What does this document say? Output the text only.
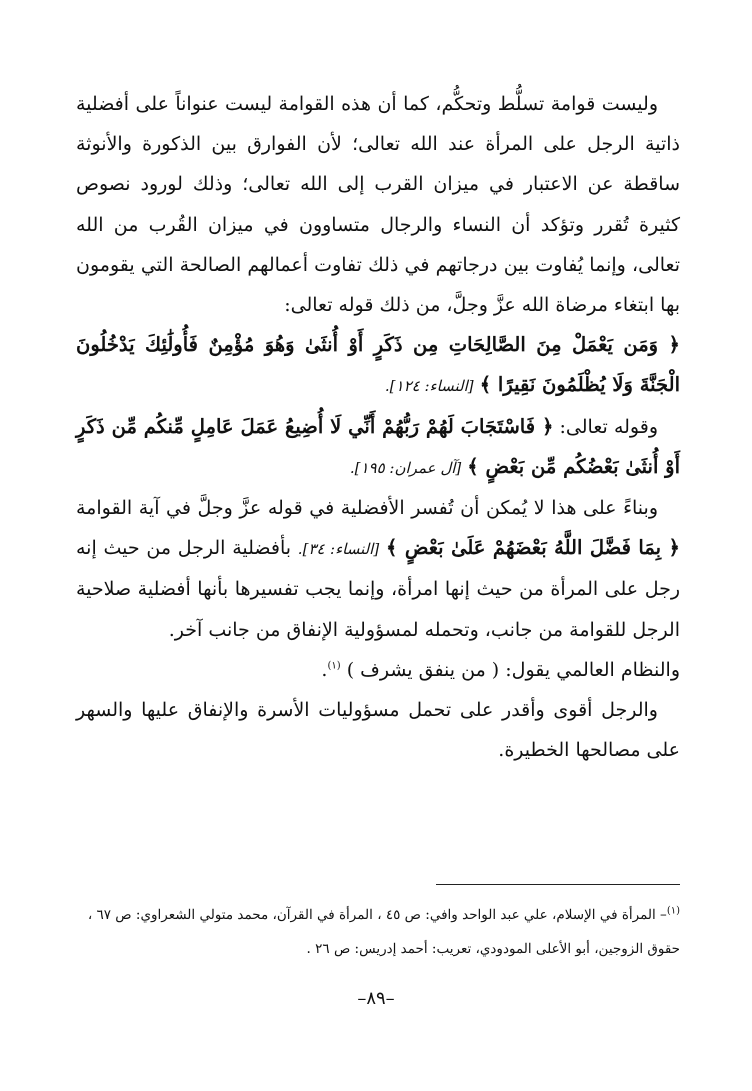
وليست قوامة تسلُّط وتحكُّم، كما أن هذه القوامة ليست عنواناً على أفضلية ذاتية الرجل على المرأة عند الله تعالى؛ لأن الفوارق بين الذكورة والأنوثة ساقطة عن الاعتبار في ميزان القرب إلى الله تعالى؛ وذلك لورود نصوص كثيرة تُقرر وتؤكد أن النساء والرجال متساوون في ميزان القُرب من الله تعالى، وإنما يُفاوت بين درجاتهم في ذلك تفاوت أعمالهم الصالحة التي يقومون بها ابتغاء مرضاة الله عزَّ وجلَّ، من ذلك قوله تعالى:

﴿ وَمَن يَعْمَلْ مِنَ الصَّالِحَاتِ مِن ذَكَرٍ أَوْ أُنثَىٰ وَهُوَ مُؤْمِنٌ فَأُولَٰئِكَ يَدْخُلُونَ الْجَنَّةَ وَلَا يُظْلَمُونَ نَقِيرًا ﴾ [النساء: ١٢٤].

وقوله تعالى: ﴿ فَاسْتَجَابَ لَهُمْ رَبُّهُمْ أَنِّي لَا أُضِيعُ عَمَلَ عَامِلٍ مِّنكُم مِّن ذَكَرٍ أَوْ أُنثَىٰ بَعْضُكُم مِّن بَعْضٍ ﴾ [آل عمران: ١٩٥].

وبناءً على هذا لا يُمكن أن تُفسر الأفضلية في قوله عزَّ وجلَّ في آية القوامة ﴿ بِمَا فَضَّلَ اللَّهُ بَعْضَهُمْ عَلَىٰ بَعْضٍ ﴾ [النساء: ٣٤]. بأفضلية الرجل من حيث إنه رجل على المرأة من حيث إنها امرأة، وإنما يجب تفسيرها بأنها أفضلية صلاحية الرجل للقوامة من جانب، وتحمله لمسؤولية الإنفاق من جانب آخر.

والنظام العالمي يقول: ( من ينفق يشرف ) $^{(١)}$.

والرجل أقوى وأقدر على تحمل مسؤوليات الأسرة والإنفاق عليها والسهر على مصالحها الخطيرة.

$^{(١)}$– المرأة في الإسلام، علي عبد الواحد وافي: ص ٤٥ ، المرأة في القرآن، محمد متولي الشعراوي: ص ٦٧ ،

حقوق الزوجين، أبو الأعلى المودودي، تعريب: أحمد إدريس: ص ٢٦ .

–٨٩–
